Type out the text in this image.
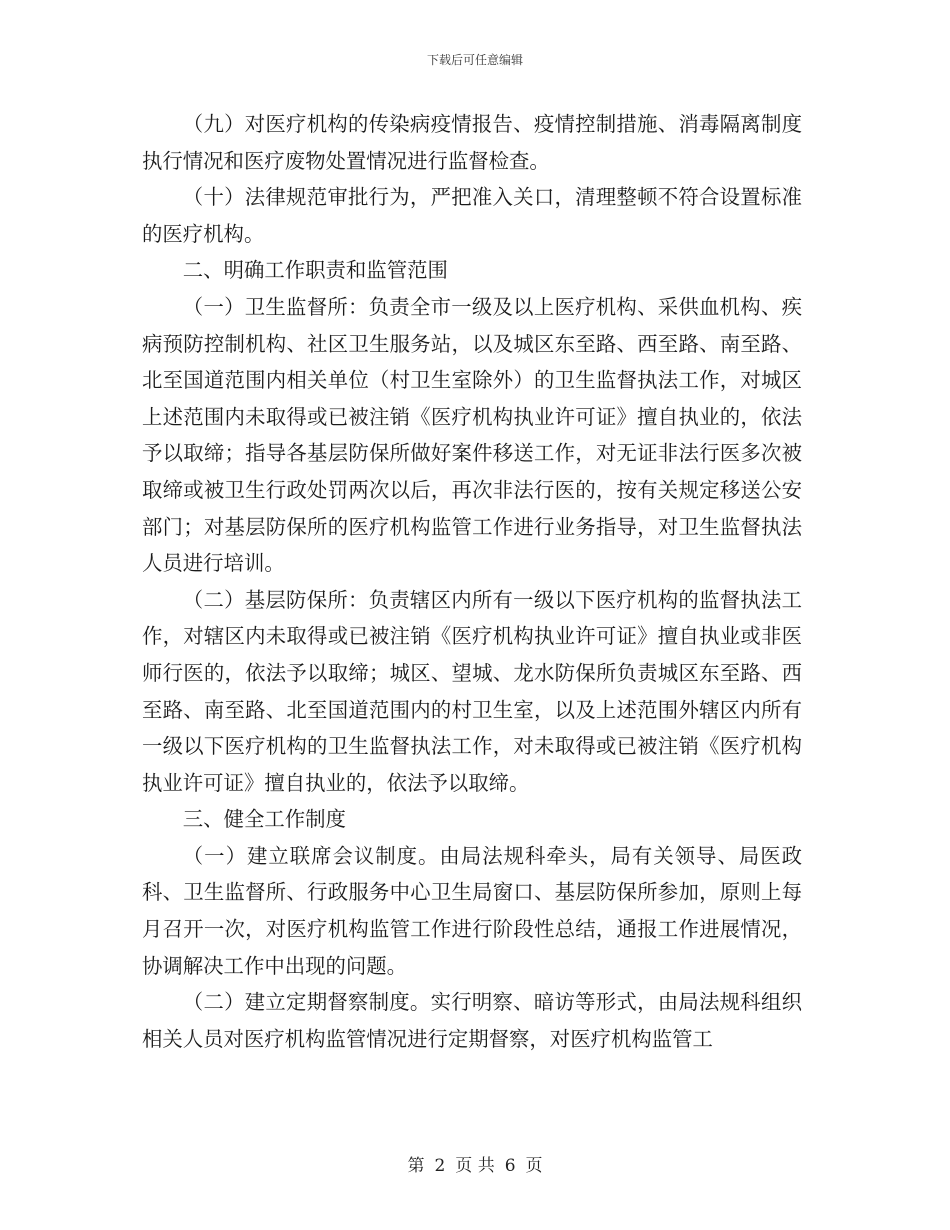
下载后可任意编辑

（九）对医疗机构的传染病疫情报告、疫情控制措施、消毒隔离制度执行情况和医疗废物处置情况进行监督检查。

（十）法律规范审批行为，严把准入关口，清理整顿不符合设置标准的医疗机构。

二、明确工作职责和监管范围

（一）卫生监督所：负责全市一级及以上医疗机构、采供血机构、疾病预防控制机构、社区卫生服务站，以及城区东至路、西至路、南至路、北至国道范围内相关单位（村卫生室除外）的卫生监督执法工作，对城区上述范围内未取得或已被注销《医疗机构执业许可证》擅自执业的，依法予以取缔；指导各基层防保所做好案件移送工作，对无证非法行医多次被取缔或被卫生行政处罚两次以后，再次非法行医的，按有关规定移送公安部门；对基层防保所的医疗机构监管工作进行业务指导，对卫生监督执法人员进行培训。

（二）基层防保所：负责辖区内所有一级以下医疗机构的监督执法工作，对辖区内未取得或已被注销《医疗机构执业许可证》擅自执业或非医师行医的，依法予以取缔；城区、望城、龙水防保所负责城区东至路、西至路、南至路、北至国道范围内的村卫生室，以及上述范围外辖区内所有一级以下医疗机构的卫生监督执法工作，对未取得或已被注销《医疗机构执业许可证》擅自执业的，依法予以取缔。

三、健全工作制度

（一）建立联席会议制度。由局法规科牵头，局有关领导、局医政科、卫生监督所、行政服务中心卫生局窗口、基层防保所参加，原则上每月召开一次，对医疗机构监管工作进行阶段性总结，通报工作进展情况，协调解决工作中出现的问题。

（二）建立定期督察制度。实行明察、暗访等形式，由局法规科组织相关人员对医疗机构监管情况进行定期督察，对医疗机构监管工

第 2 页 共 6 页
